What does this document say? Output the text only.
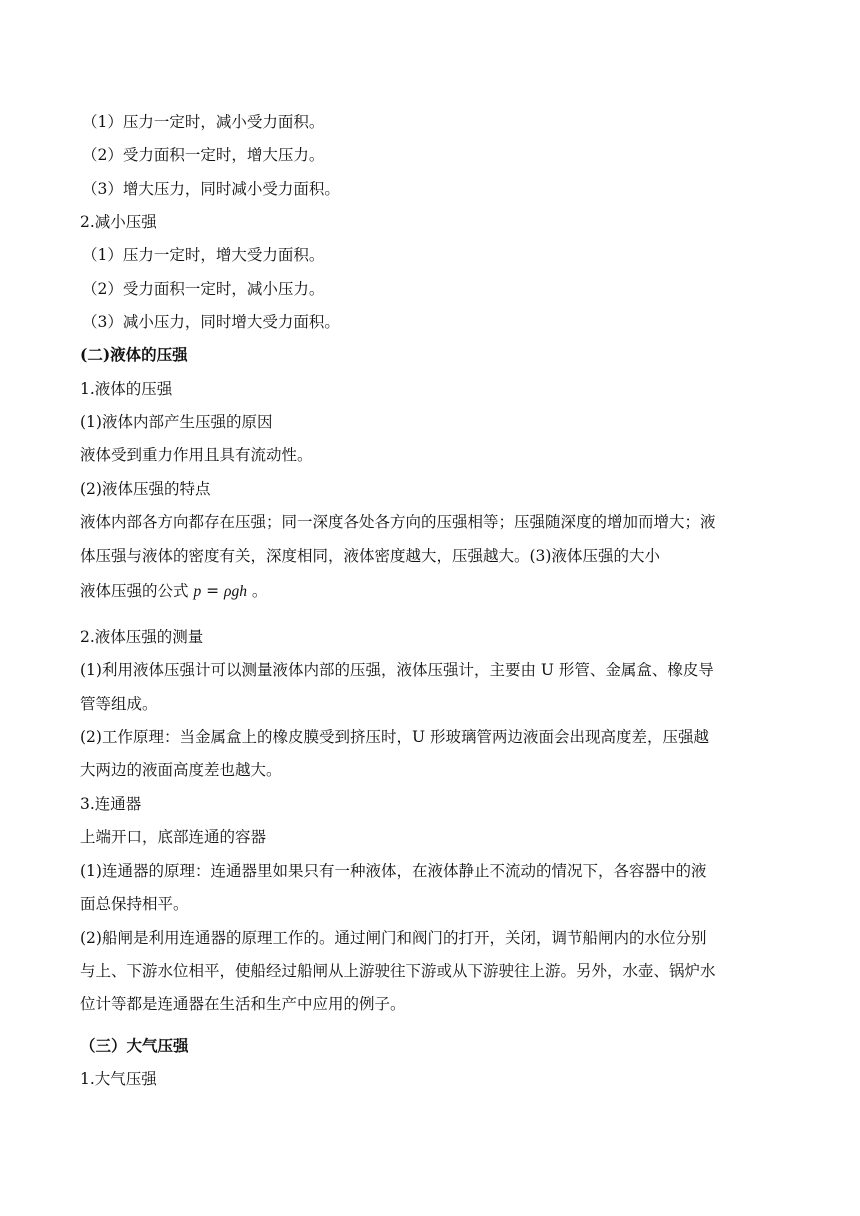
（1）压力一定时，减小受力面积。
（2）受力面积一定时，增大压力。
（3）增大压力，同时减小受力面积。
2.减小压强
（1）压力一定时，增大受力面积。
（2）受力面积一定时，减小压力。
（3）减小压力，同时增大受力面积。
(二)液体的压强
1.液体的压强
(1)液体内部产生压强的原因
液体受到重力作用且具有流动性。
(2)液体压强的特点
液体内部各方向都存在压强；同一深度各处各方向的压强相等；压强随深度的增加而增大；液
体压强与液体的密度有关，深度相同，液体密度越大，压强越大。(3)液体压强的大小
液体压强的公式 p = ρgh 。
2.液体压强的测量
(1)利用液体压强计可以测量液体内部的压强，液体压强计，主要由 U 形管、金属盒、橡皮导
管等组成。
(2)工作原理：当金属盒上的橡皮膜受到挤压时，U 形玻璃管两边液面会出现高度差，压强越
大两边的液面高度差也越大。
3.连通器
上端开口，底部连通的容器
(1)连通器的原理：连通器里如果只有一种液体，在液体静止不流动的情况下，各容器中的液
面总保持相平。
(2)船闸是利用连通器的原理工作的。通过闸门和阀门的打开，关闭，调节船闸内的水位分别
与上、下游水位相平，使船经过船闸从上游驶往下游或从下游驶往上游。另外，水壶、锅炉水
位计等都是连通器在生活和生产中应用的例子。
（三）大气压强
1.大气压强
